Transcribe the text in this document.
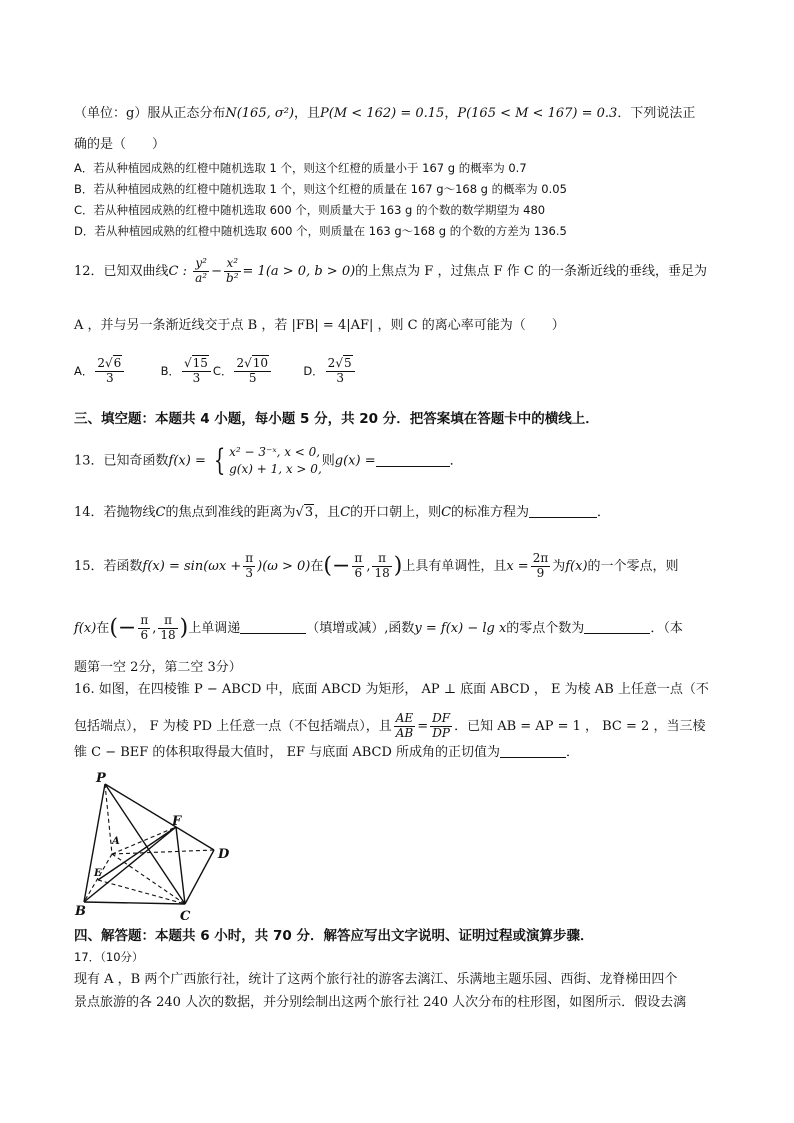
（单位：g）服从正态分布N(165, σ²)，且P(M < 162) = 0.15，P(165 < M < 167) = 0.3．下列说法正
确的是（　　）
A．若从种植园成熟的红橙中随机选取 1 个，则这个红橙的质量小于 167 g 的概率为 0.7
B．若从种植园成熟的红橙中随机选取 1 个，则这个红橙的质量在 167 g～168 g 的概率为 0.05
C．若从种植园成熟的红橙中随机选取 600 个，则质量大于 163 g 的个数的数学期望为 480
D．若从种植园成熟的红橙中随机选取 600 个，则质量在 163 g～168 g 的个数的方差为 136.5
12．已知双曲线C : $\frac{\text{y²}}{\text{a²}} - \frac{\text{x²}}{\text{b²}} = 1(a > 0$, b > 0)的上焦点为 F ，过焦点 F 作 C 的一条渐近线的垂线，垂足为
A ，并与另一条渐近线交于点 B ，若 |FB| = 4|AF| ，则 C 的离心率可能为（　　）
A． $\frac{2√6}{3}$	B． $\frac{√15}{3}$ C． $\frac{2√10}{5}$	D． $\frac{2√5}{3}$
三、填空题：本题共 4 小题，每小题 5 分，共 20 分．把答案填在答题卡中的横线上．
13．已知奇函数f(x) = { x² − 3⁻ˣ, x < 0,
g(x) + 1, x > 0,
则g(x) =	．
14．若抛物线C的焦点到准线的距离为√3，且C的开口朝上，则C的标准方程为	．
15．若函数$f(x) = \sin(\omega x + \frac{\pi}{3} )(\omega > 0)$在(− $\frac{\pi}{6}$ , $\frac{\pi}{18}$ )上具有单调性，且$x = \frac{2\pi}{9}$ 为f(x)的一个零点，则
f(x)在(− $\frac{\pi}{6}$ , $\frac{\pi}{18}$ )上单调递	（填增或减）,函数y = f(x) − lg x的零点个数为	．（本
题第一空 2分，第二空 3分）
16. 如图，在四棱锥 P − ABCD 中，底面 ABCD 为矩形， AP ⊥ 底面 ABCD ， E 为棱 AB 上任意一点（不
包括端点）， F 为棱 PD 上任意一点（不包括端点），且 $\frac{AE}{AB} = \frac{DF}{DP}$ ．已知 AB = AP = 1 ， BC = 2 ，当三棱
锥 C − BEF 的体积取得最大值时， EF 与底面 ABCD 所成角的正切值为	．
P
A
B	C
D
E
F
四、解答题：本题共 6 小时，共 70 分．解答应写出文字说明、证明过程或演算步骤．
17．（10分）
现有 A ，B 两个广西旅行社，统计了这两个旅行社的游客去漓江、乐满地主题乐园、西街、龙脊梯田四个
景点旅游的各 240 人次的数据，并分别绘制出这两个旅行社 240 人次分布的柱形图，如图所示．假设去漓
